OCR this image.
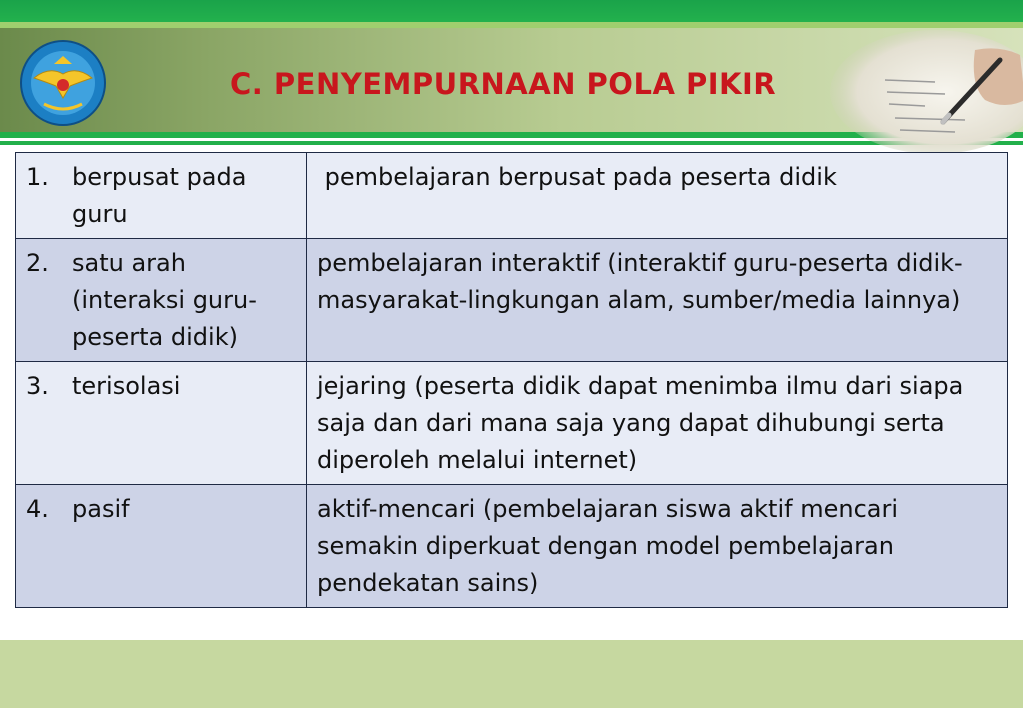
C. PENYEMPURNAAN POLA PIKIR
1. berpusat pada guru	pembelajaran berpusat pada peserta didik

2. satu arah (interaksi guru-peserta didik)	pembelajaran interaktif (interaktif guru-peserta didik-masyarakat-lingkungan alam, sumber/media lainnya)

3. terisolasi	jejaring (peserta didik dapat menimba ilmu dari siapa saja dan dari mana saja yang dapat dihubungi serta diperoleh melalui internet)

4. pasif	aktif-mencari (pembelajaran siswa aktif mencari semakin diperkuat dengan model pembelajaran pendekatan sains)
